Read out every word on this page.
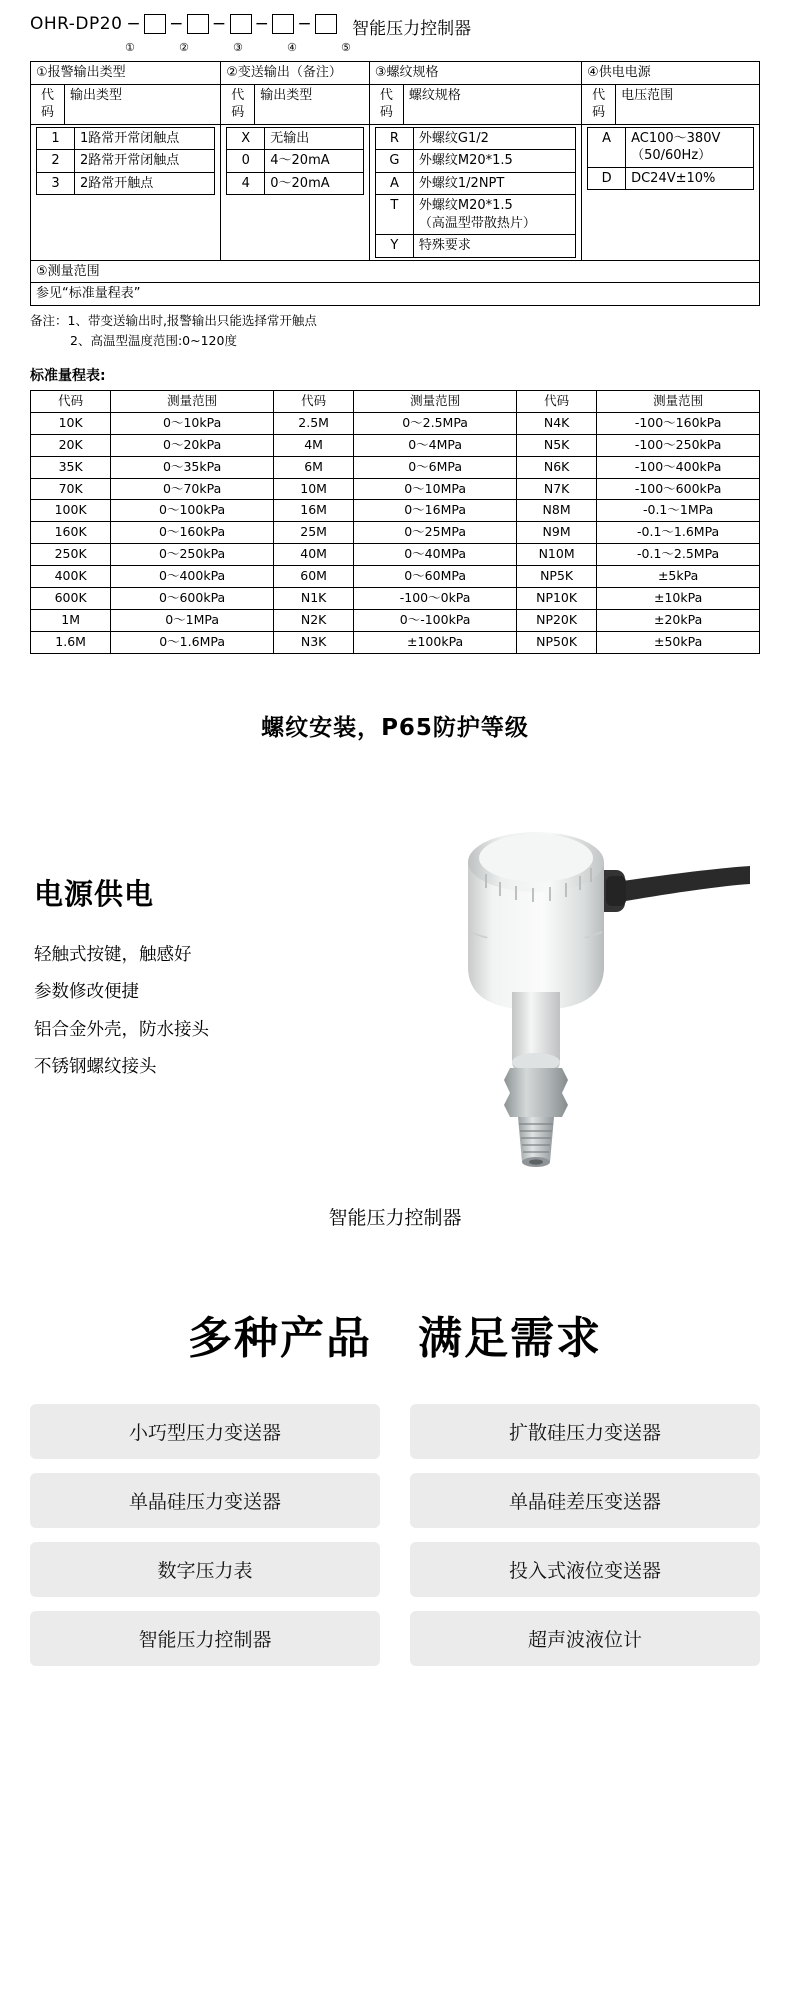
OHR-DP20 − − − − − 智能压力控制器
①	②	③	④	⑤
①报警输出类型	②变送输出（备注）	③螺纹规格	④供电电源
代码	输出类型	代码	输出类型	代码	螺纹规格	代码	电压范围

1	1路常开常闭触点
2	2路常开常闭触点
3	2路常开触点

X	无输出
0	4～20mA
4	0～20mA

R	外螺纹G1/2
G	外螺纹M20*1.5
A	外螺纹1/2NPT
T	外螺纹M20*1.5
（高温型带散热片）
Y	特殊要求

A	AC100～380V
（50/60Hz）
D	DC24V±10%

⑤测量范围
参见“标准量程表”
备注：1、带变送输出时,报警输出只能选择常开触点
2、高温型温度范围:0~120度
标准量程表:
代码	测量范围	代码	测量范围	代码	测量范围
10K	0～10kPa	2.5M	0～2.5MPa	N4K	-100～160kPa
20K	0～20kPa	4M	0～4MPa	N5K	-100～250kPa
35K	0～35kPa	6M	0～6MPa	N6K	-100～400kPa
70K	0～70kPa	10M	0～10MPa	N7K	-100～600kPa
100K	0～100kPa	16M	0～16MPa	N8M	-0.1～1MPa
160K	0～160kPa	25M	0～25MPa	N9M	-0.1～1.6MPa
250K	0～250kPa	40M	0～40MPa	N10M	-0.1～2.5MPa
400K	0～400kPa	60M	0～60MPa	NP5K	±5kPa
600K	0～600kPa	N1K	-100～0kPa	NP10K	±10kPa
1M	0～1MPa	N2K	0～-100kPa	NP20K	±20kPa
1.6M	0～1.6MPa	N3K	±100kPa	NP50K	±50kPa
螺纹安装，P65防护等级
电源供电
轻触式按键，触感好
参数修改便捷
铝合金外壳，防水接头
不锈钢螺纹接头
智能压力控制器
多种产品 满足需求
小巧型压力变送器	扩散硅压力变送器
单晶硅压力变送器	单晶硅差压变送器
数字压力表	投入式液位变送器
智能压力控制器	超声波液位计
